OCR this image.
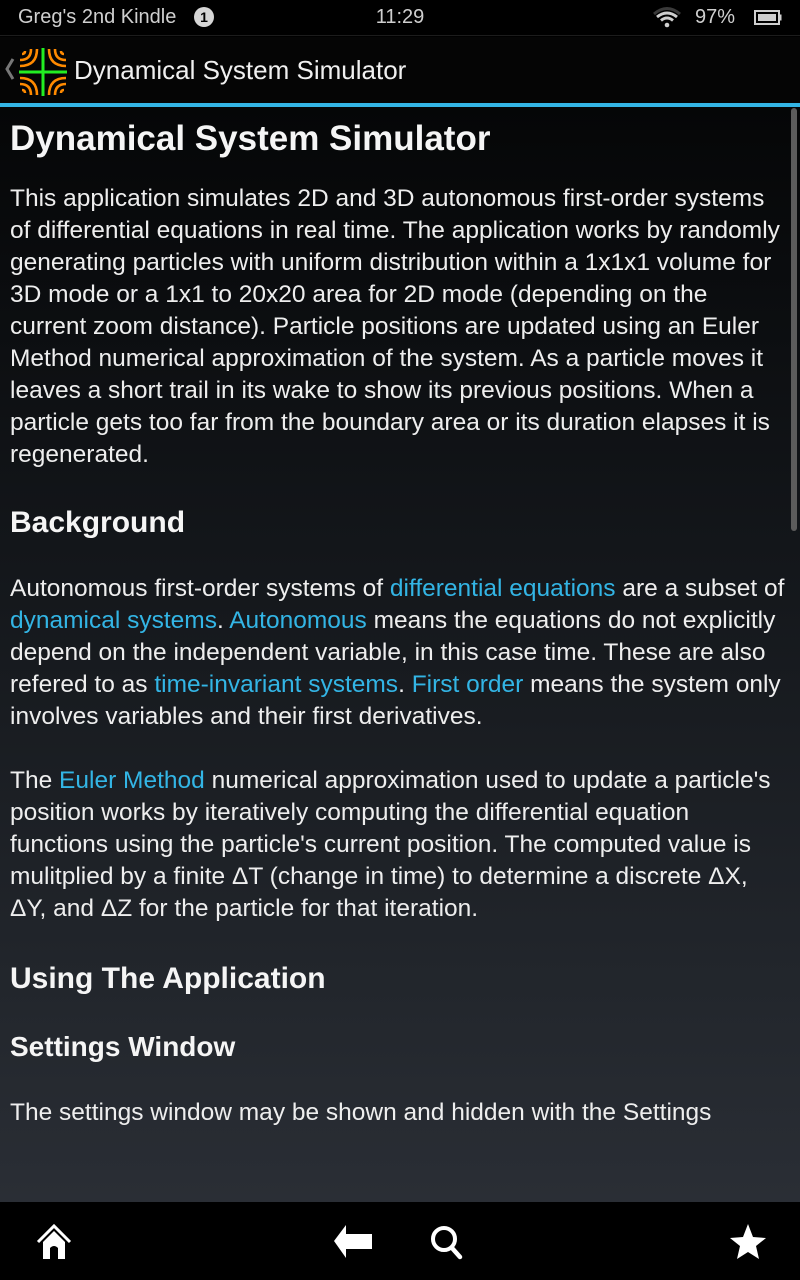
Greg's 2nd Kindle	1	11:29	97%
Dynamical System Simulator
Dynamical System Simulator

This application simulates 2D and 3D autonomous first-order systems of differential equations in real time. The application works by randomly generating particles with uniform distribution within a 1x1x1 volume for 3D mode or a 1x1 to 20x20 area for 2D mode (depending on the current zoom distance). Particle positions are updated using an Euler Method numerical approximation of the system. As a particle moves it leaves a short trail in its wake to show its previous positions. When a particle gets too far from the boundary area or its duration elapses it is regenerated.

Background

Autonomous first-order systems of differential equations are a subset of dynamical systems. Autonomous means the equations do not explicitly depend on the independent variable, in this case time. These are also refered to as time-invariant systems. First order means the system only involves variables and their first derivatives.

The Euler Method numerical approximation used to update a particle's position works by iteratively computing the differential equation functions using the particle's current position. The computed value is mulitplied by a finite ΔT (change in time) to determine a discrete ΔX, ΔY, and ΔZ for the particle for that iteration.

Using The Application
Settings Window

The settings window may be shown and hidden with the Settings
